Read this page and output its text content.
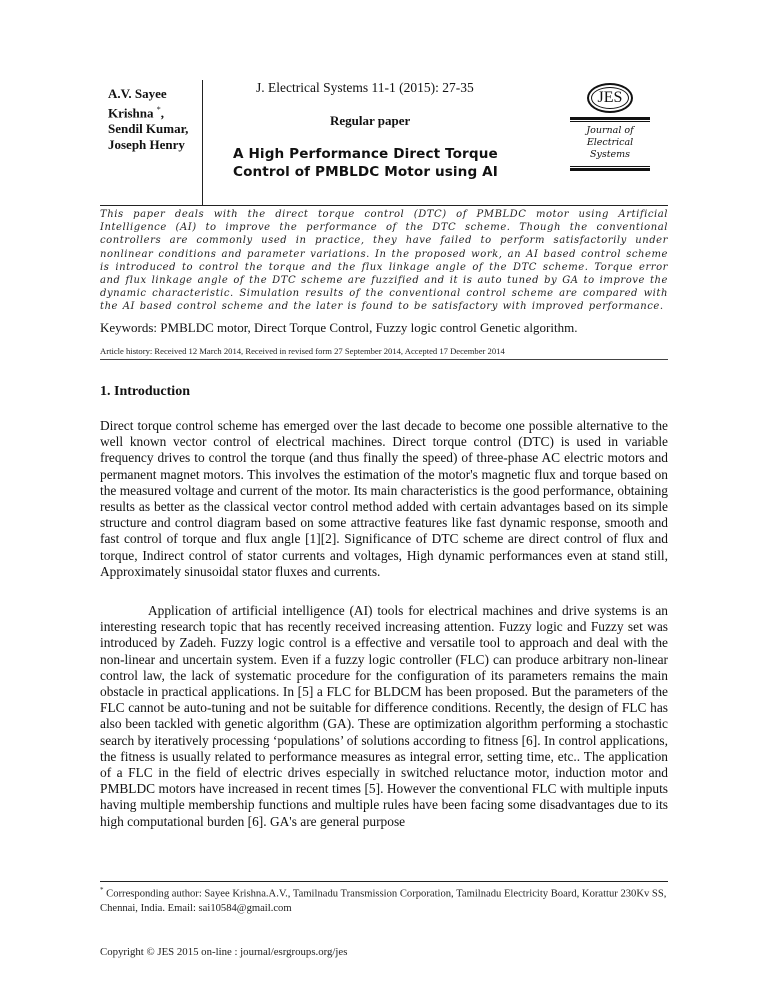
A.V. Sayee
Krishna *,
Sendil Kumar,
Joseph Henry
J. Electrical Systems 11-1 (2015): 27-35
Regular paper
A High Performance Direct Torque
Control of PMBLDC Motor using AI
JES
Journal of
Electrical
Systems
This paper deals with the direct torque control (DTC) of PMBLDC motor using Artificial Intelligence (AI) to improve the performance of the DTC scheme. Though the conventional controllers are commonly used in practice, they have failed to perform satisfactorily under nonlinear conditions and parameter variations. In the proposed work, an AI based control scheme is introduced to control the torque and the flux linkage angle of the DTC scheme. Torque error and flux linkage angle of the DTC scheme are fuzzified and it is auto tuned by GA to improve the dynamic characteristic. Simulation results of the conventional control scheme are compared with the AI based control scheme and the later is found to be satisfactory with improved performance.
Keywords: PMBLDC motor, Direct Torque Control, Fuzzy logic control Genetic algorithm.
Article history: Received 12 March 2014, Received in revised form 27 September 2014, Accepted 17 December 2014
1. Introduction
Direct torque control scheme has emerged over the last decade to become one possible alternative to the well known vector control of electrical machines. Direct torque control (DTC) is used in variable frequency drives to control the torque (and thus finally the speed) of three-phase AC electric motors and permanent magnet motors. This involves the estimation of the motor's magnetic flux and torque based on the measured voltage and current of the motor. Its main characteristics is the good performance, obtaining results as better as the classical vector control method added with certain advantages based on its simple structure and control diagram based on some attractive features like fast dynamic response, smooth and fast control of torque and flux angle [1][2]. Significance of DTC scheme are direct control of flux and torque, Indirect control of stator currents and voltages, High dynamic performances even at stand still, Approximately sinusoidal stator fluxes and currents.
Application of artificial intelligence (AI) tools for electrical machines and drive systems is an interesting research topic that has recently received increasing attention. Fuzzy logic and Fuzzy set was introduced by Zadeh. Fuzzy logic control is a effective and versatile tool to approach and deal with the non-linear and uncertain system. Even if a fuzzy logic controller (FLC) can produce arbitrary non-linear control law, the lack of systematic procedure for the configuration of its parameters remains the main obstacle in practical applications. In [5] a FLC for BLDCM has been proposed. But the parameters of the FLC cannot be auto-tuning and not be suitable for difference conditions. Recently, the design of FLC has also been tackled with genetic algorithm (GA). These are optimization algorithm performing a stochastic search by iteratively processing ‘populations’ of solutions according to fitness [6]. In control applications, the fitness is usually related to performance measures as integral error, setting time, etc.. The application of a FLC in the field of electric drives especially in switched reluctance motor, induction motor and PMBLDC motors have increased in recent times [5]. However the conventional FLC with multiple inputs having multiple membership functions and multiple rules have been facing some disadvantages due to its high computational burden [6]. GA's are general purpose
* Corresponding author: Sayee Krishna.A.V., Tamilnadu Transmission Corporation, Tamilnadu Electricity Board, Korattur 230Kv SS, Chennai, India. Email: sai10584@gmail.com
Copyright © JES 2015 on-line : journal/esrgroups.org/jes
